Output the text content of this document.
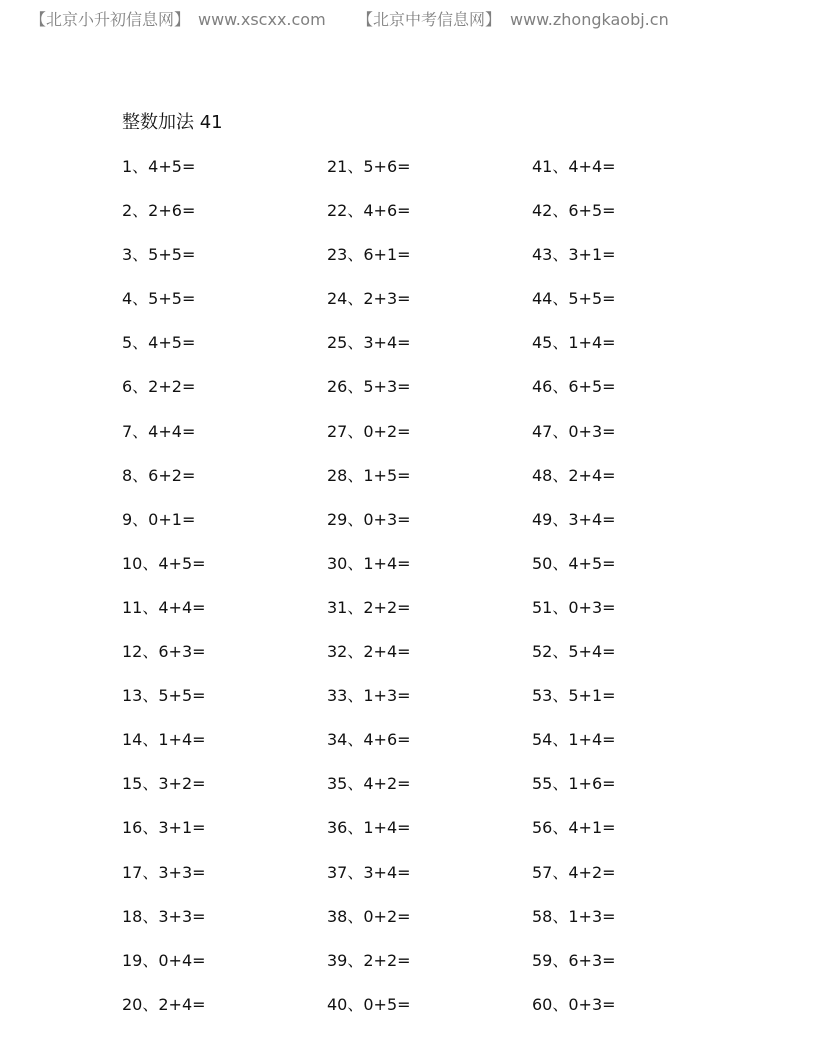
【北京小升初信息网】 www.xscxx.com 【北京中考信息网】 www.zhongkaobj.cn
整数加法 41
1、4+5=
2、2+6=
3、5+5=
4、5+5=
5、4+5=
6、2+2=
7、4+4=
8、6+2=
9、0+1=
10、4+5=
11、4+4=
12、6+3=
13、5+5=
14、1+4=
15、3+2=
16、3+1=
17、3+3=
18、3+3=
19、0+4=
20、2+4=
21、5+6=
22、4+6=
23、6+1=
24、2+3=
25、3+4=
26、5+3=
27、0+2=
28、1+5=
29、0+3=
30、1+4=
31、2+2=
32、2+4=
33、1+3=
34、4+6=
35、4+2=
36、1+4=
37、3+4=
38、0+2=
39、2+2=
40、0+5=
41、4+4=
42、6+5=
43、3+1=
44、5+5=
45、1+4=
46、6+5=
47、0+3=
48、2+4=
49、3+4=
50、4+5=
51、0+3=
52、5+4=
53、5+1=
54、1+4=
55、1+6=
56、4+1=
57、4+2=
58、1+3=
59、6+3=
60、0+3=
